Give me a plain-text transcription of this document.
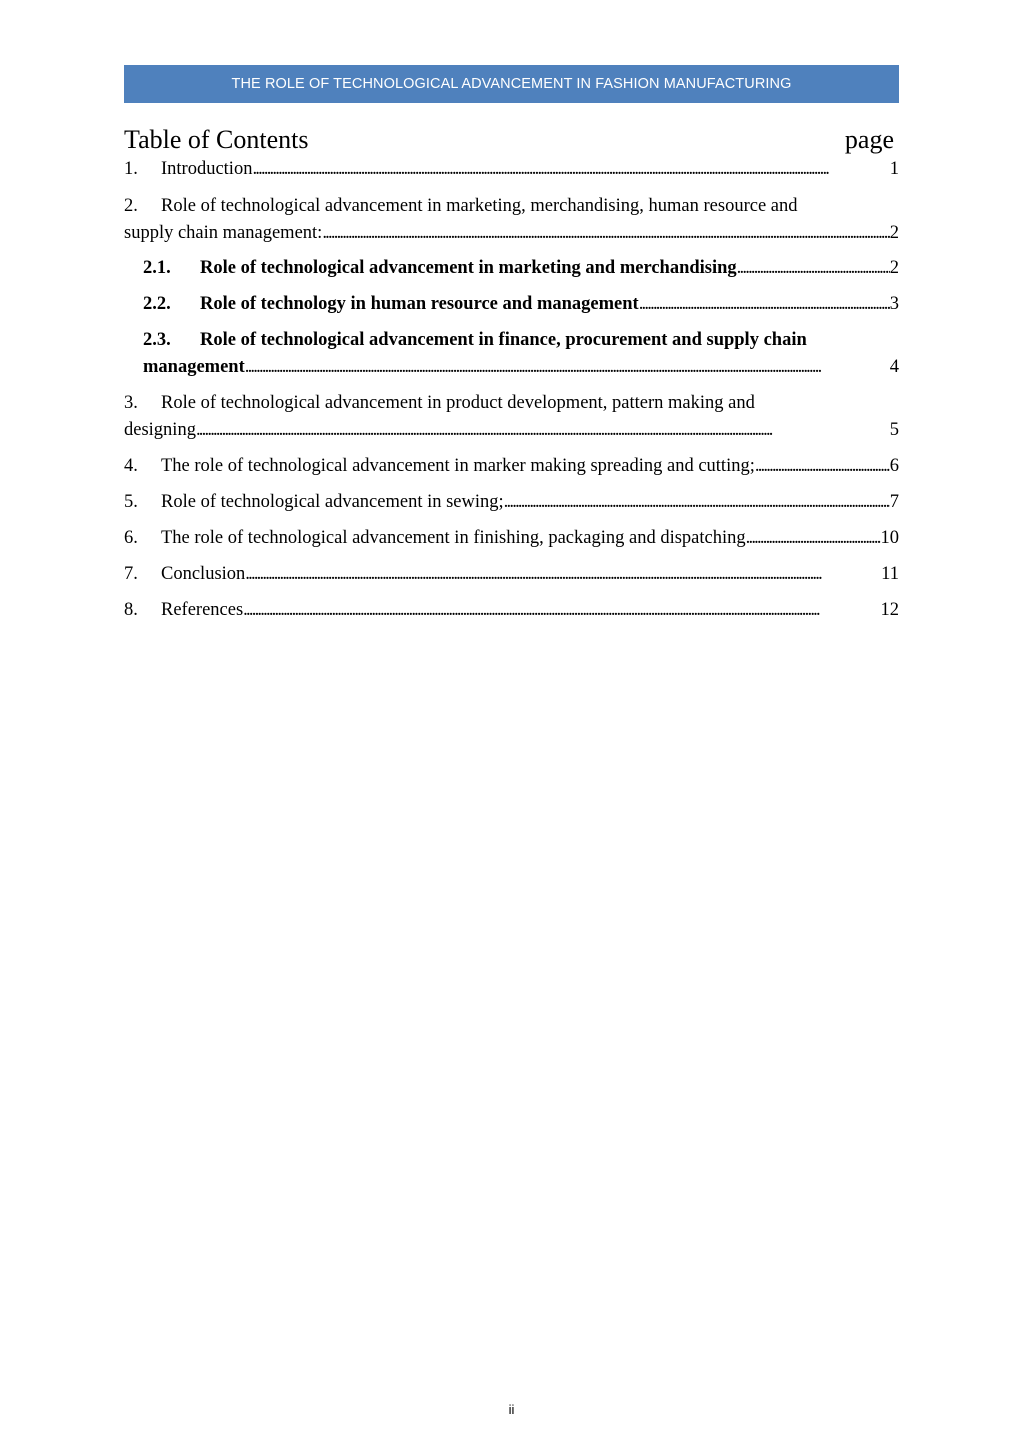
THE ROLE OF TECHNOLOGICAL ADVANCEMENT IN FASHION MANUFACTURING
Table of Contents	page
1.	Introduction . . .	1
2.	Role of technological advancement in marketing, merchandising, human resource and
supply chain management: . . .	2
2.1.	Role of technological advancement in marketing and merchandising . . .	2
2.2.	Role of technology in human resource and management . . .	3
2.3.	Role of technological advancement in finance, procurement and supply chain
management . . .	4
3.	Role of technological advancement in product development, pattern making and
designing . . .	5
4.	The role of technological advancement in marker making spreading and cutting; . . .	6
5.	Role of technological advancement in sewing; . . .	7
6.	The role of technological advancement in finishing, packaging and dispatching . . .	10
7.	Conclusion . . .	11
8.	References . . .	12
ii
